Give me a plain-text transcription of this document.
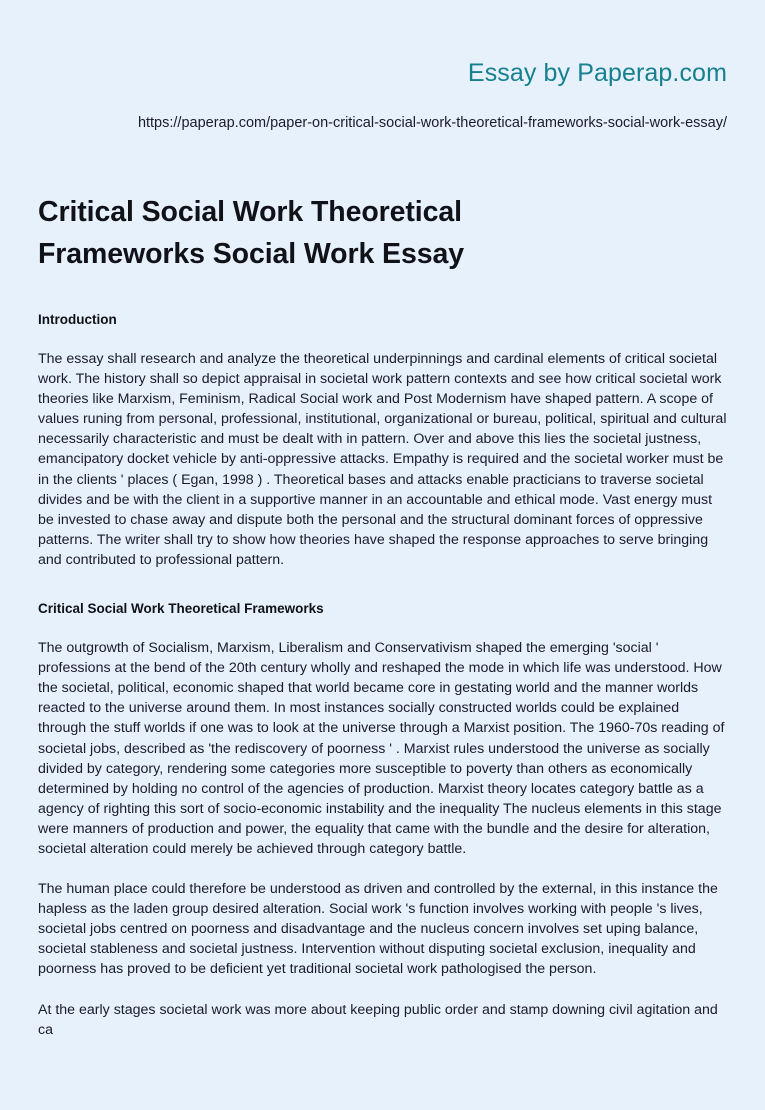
Essay by Paperap.com
https://paperap.com/paper-on-critical-social-work-theoretical-frameworks-social-work-essay/
Critical Social Work Theoretical Frameworks Social Work Essay
Introduction

The essay shall research and analyze the theoretical underpinnings and cardinal elements of critical societal work. The history shall so depict appraisal in societal work pattern contexts and see how critical societal work theories like Marxism, Feminism, Radical Social work and Post Modernism have shaped pattern. A scope of values runing from personal, professional, institutional, organizational or bureau, political, spiritual and cultural necessarily characteristic and must be dealt with in pattern. Over and above this lies the societal justness, emancipatory docket vehicle by anti-oppressive attacks. Empathy is required and the societal worker must be in the clients ' places ( Egan, 1998 ) . Theoretical bases and attacks enable practicians to traverse societal divides and be with the client in a supportive manner in an accountable and ethical mode. Vast energy must be invested to chase away and dispute both the personal and the structural dominant forces of oppressive patterns. The writer shall try to show how theories have shaped the response approaches to serve bringing and contributed to professional pattern.

Critical Social Work Theoretical Frameworks

The outgrowth of Socialism, Marxism, Liberalism and Conservativism shaped the emerging 'social ' professions at the bend of the 20th century wholly and reshaped the mode in which life was understood. How the societal, political, economic shaped that world became core in gestating world and the manner worlds reacted to the universe around them. In most instances socially constructed worlds could be explained through the stuff worlds if one was to look at the universe through a Marxist position. The 1960-70s reading of societal jobs, described as 'the rediscovery of poorness ' . Marxist rules understood the universe as socially divided by category, rendering some categories more susceptible to poverty than others as economically determined by holding no control of the agencies of production. Marxist theory locates category battle as a agency of righting this sort of socio-economic instability and the inequality The nucleus elements in this stage were manners of production and power, the equality that came with the bundle and the desire for alteration, societal alteration could merely be achieved through category battle.

The human place could therefore be understood as driven and controlled by the external, in this instance the hapless as the laden group desired alteration. Social work 's function involves working with people 's lives, societal jobs centred on poorness and disadvantage and the nucleus concern involves set uping balance, societal stableness and societal justness. Intervention without disputing societal exclusion, inequality and poorness has proved to be deficient yet traditional societal work pathologised the person.

At the early stages societal work was more about keeping public order and stamp downing civil agitation and ca
